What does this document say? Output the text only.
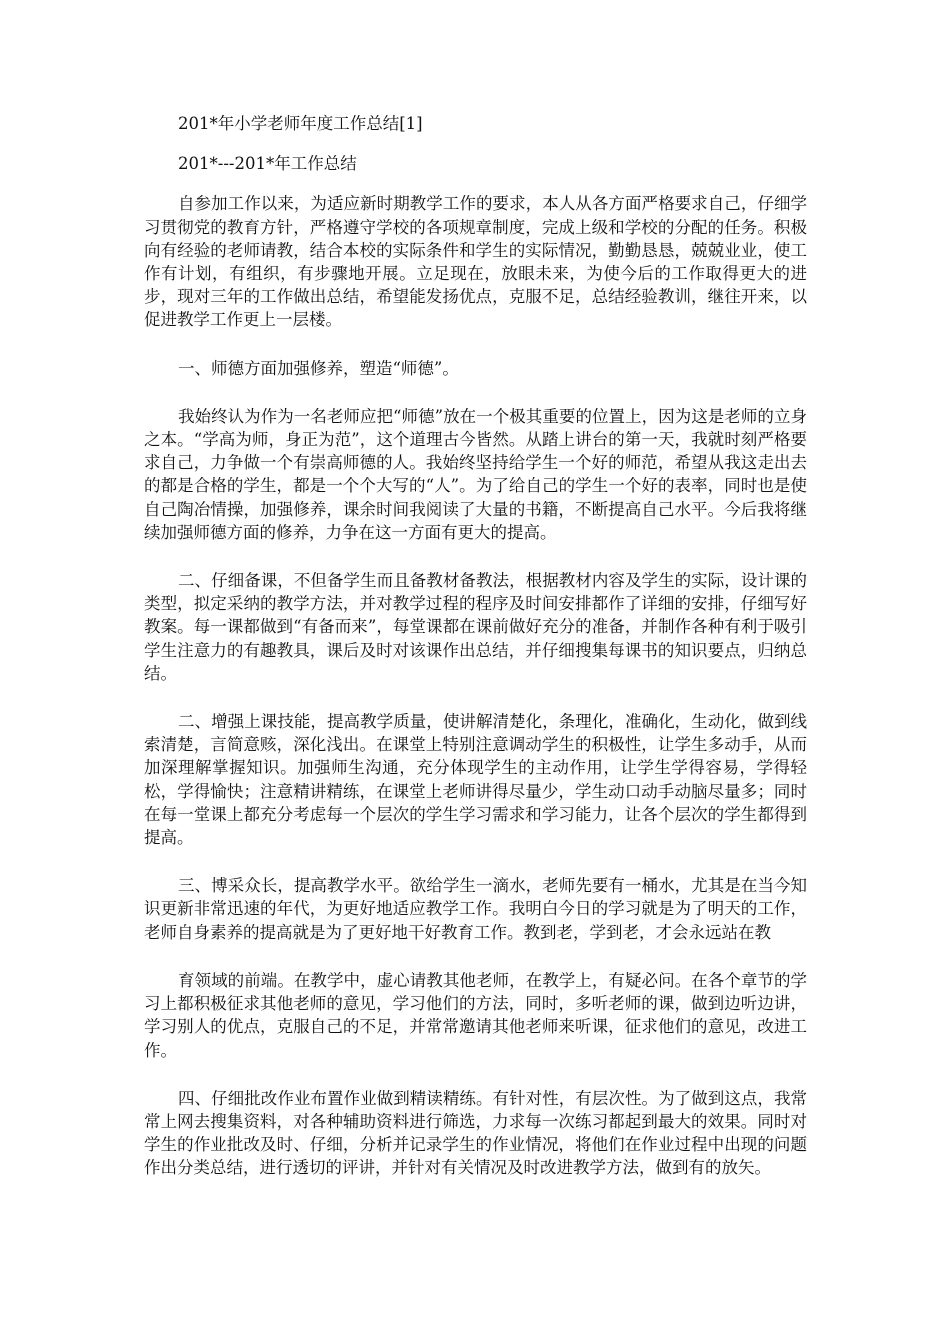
201*年小学老师年度工作总结[1]

201*---201*年工作总结

自参加工作以来，为适应新时期教学工作的要求，本人从各方面严格要求自己，仔细学习贯彻党的教育方针，严格遵守学校的各项规章制度，完成上级和学校的分配的任务。积极向有经验的老师请教，结合本校的实际条件和学生的实际情况，勤勤恳恳，兢兢业业，使工作有计划，有组织，有步骤地开展。立足现在，放眼未来，为使今后的工作取得更大的进步，现对三年的工作做出总结，希望能发扬优点，克服不足，总结经验教训，继往开来，以促进教学工作更上一层楼。

一、师德方面加强修养，塑造“师德”。

我始终认为作为一名老师应把“师德”放在一个极其重要的位置上，因为这是老师的立身之本。“学高为师，身正为范”，这个道理古今皆然。从踏上讲台的第一天，我就时刻严格要求自己，力争做一个有崇高师德的人。我始终坚持给学生一个好的师范，希望从我这走出去的都是合格的学生，都是一个个大写的“人”。为了给自己的学生一个好的表率，同时也是使自己陶冶情操，加强修养，课余时间我阅读了大量的书籍，不断提高自己水平。今后我将继续加强师德方面的修养，力争在这一方面有更大的提高。

二、仔细备课，不但备学生而且备教材备教法，根据教材内容及学生的实际，设计课的类型，拟定采纳的教学方法，并对教学过程的程序及时间安排都作了详细的安排，仔细写好教案。每一课都做到“有备而来”，每堂课都在课前做好充分的准备，并制作各种有利于吸引学生注意力的有趣教具，课后及时对该课作出总结，并仔细搜集每课书的知识要点，归纳总结。

二、增强上课技能，提高教学质量，使讲解清楚化，条理化，准确化，生动化，做到线索清楚，言简意赅，深化浅出。在课堂上特别注意调动学生的积极性，让学生多动手，从而加深理解掌握知识。加强师生沟通，充分体现学生的主动作用，让学生学得容易，学得轻松，学得愉快；注意精讲精练，在课堂上老师讲得尽量少，学生动口动手动脑尽量多；同时在每一堂课上都充分考虑每一个层次的学生学习需求和学习能力，让各个层次的学生都得到提高。

三、博采众长，提高教学水平。欲给学生一滴水，老师先要有一桶水，尤其是在当今知识更新非常迅速的年代，为更好地适应教学工作。我明白今日的学习就是为了明天的工作，老师自身素养的提高就是为了更好地干好教育工作。教到老，学到老，才会永远站在教

育领域的前端。在教学中，虚心请教其他老师，在教学上，有疑必问。在各个章节的学习上都积极征求其他老师的意见，学习他们的方法，同时，多听老师的课，做到边听边讲，学习别人的优点，克服自己的不足，并常常邀请其他老师来听课，征求他们的意见，改进工作。

四、仔细批改作业布置作业做到精读精练。有针对性，有层次性。为了做到这点，我常常上网去搜集资料，对各种辅助资料进行筛选，力求每一次练习都起到最大的效果。同时对学生的作业批改及时、仔细，分析并记录学生的作业情况，将他们在作业过程中出现的问题作出分类总结，进行透切的评讲，并针对有关情况及时改进教学方法，做到有的放矢。
